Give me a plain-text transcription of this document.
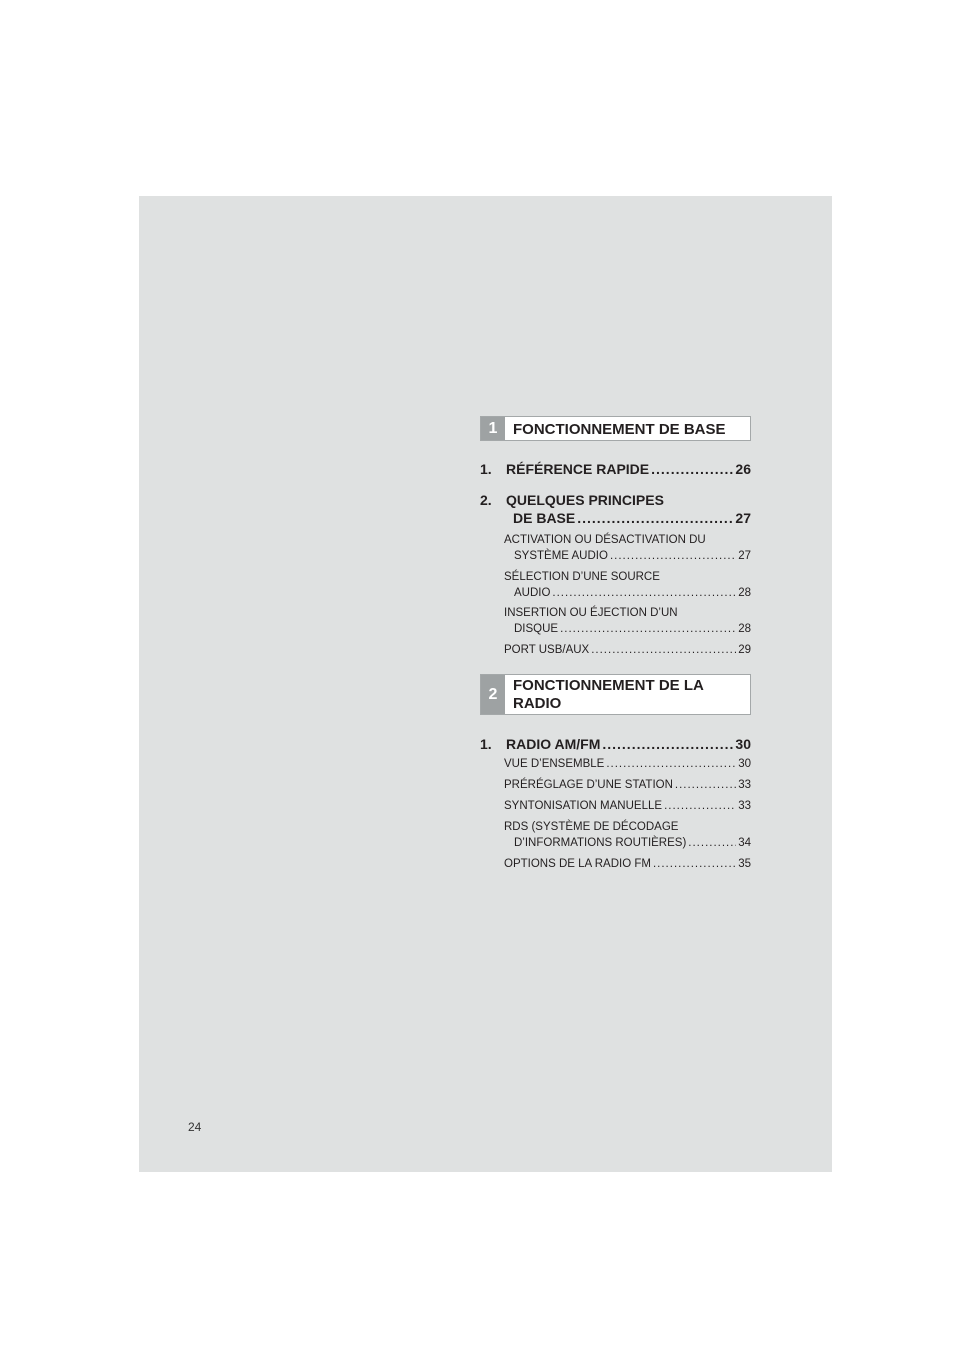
1	FONCTIONNEMENT DE BASE
1.	RÉFÉRENCE RAPIDE .....	26
2.	QUELQUES PRINCIPES
DE BASE .....	27
ACTIVATION OU DÉSACTIVATION DU
SYSTÈME AUDIO .....	27
SÉLECTION D’UNE SOURCE
AUDIO .....	28
INSERTION OU ÉJECTION D’UN
DISQUE .....	28
PORT USB/AUX .....	29
2	FONCTIONNEMENT DE LA
RADIO
1.	RADIO AM/FM .....	30
VUE D’ENSEMBLE .....	30
PRÉRÉGLAGE D’UNE STATION .....	33
SYNTONISATION MANUELLE .....	33
RDS (SYSTÈME DE DÉCODAGE
D’INFORMATIONS ROUTIÈRES) .....	34
OPTIONS DE LA RADIO FM .....	35
24
